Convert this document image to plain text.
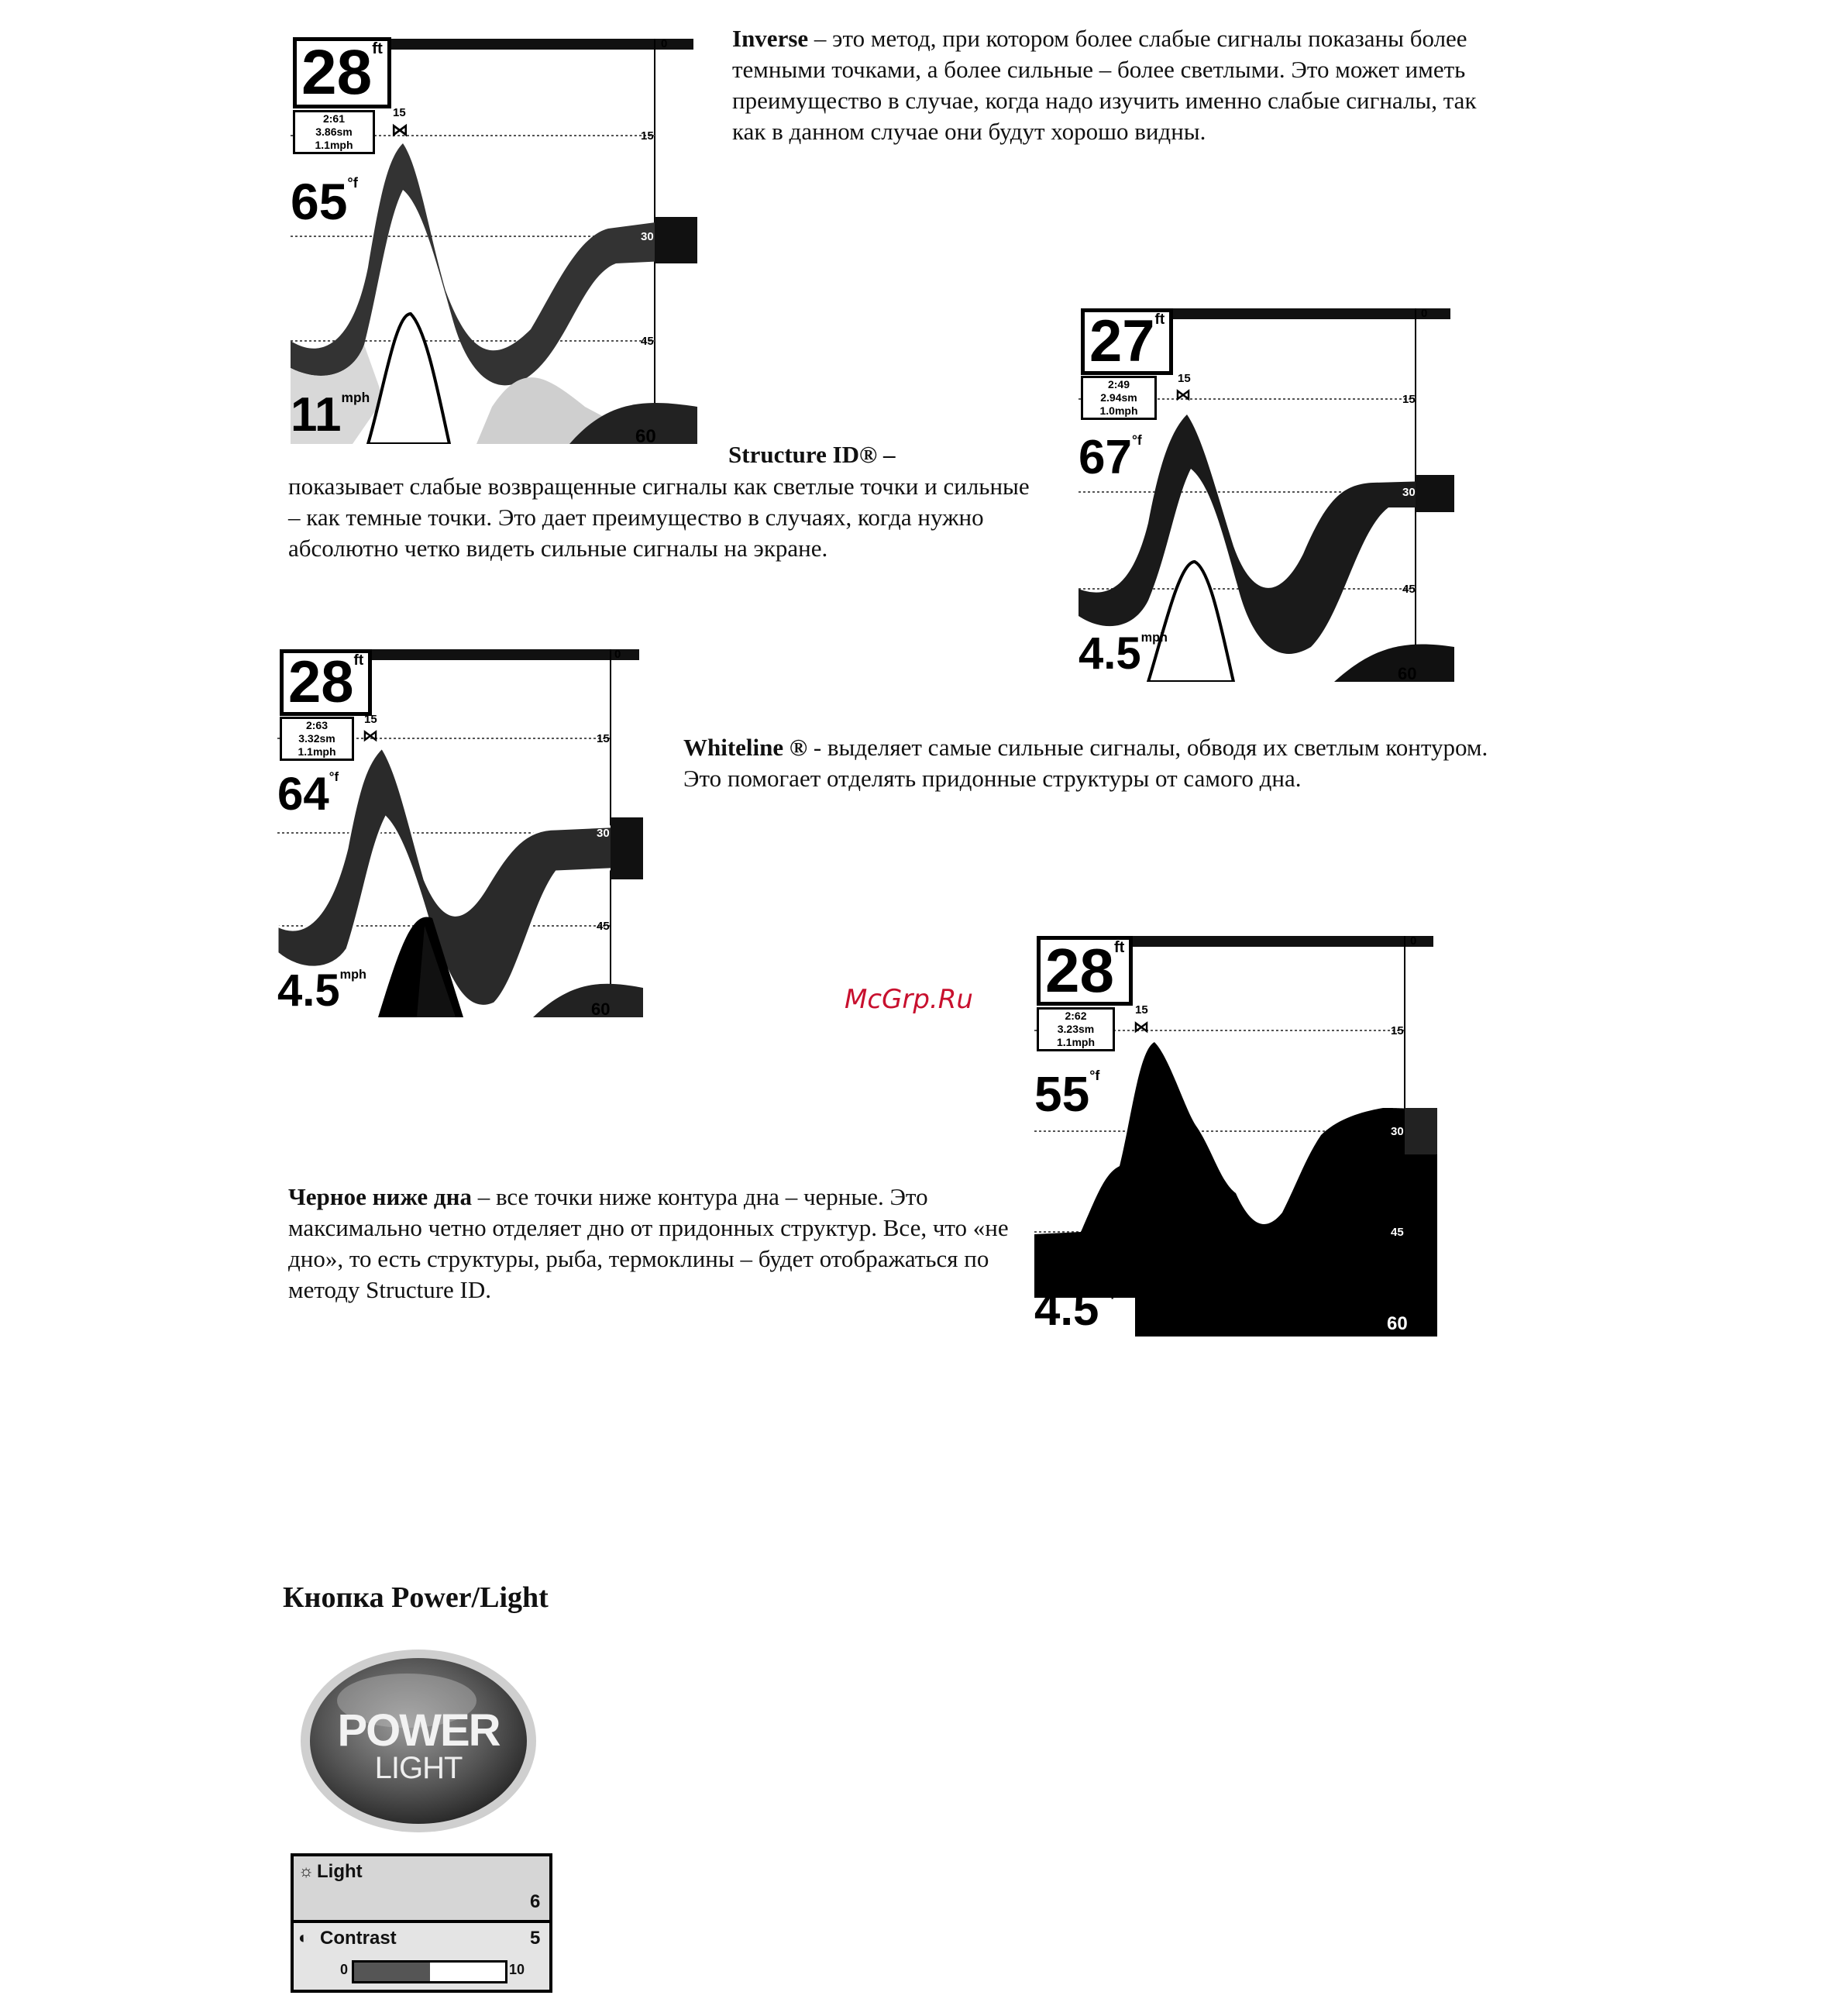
Inverse – это метод, при котором более слабые сигналы показаны более темными точками, а более сильные – более светлыми. Это может иметь преимущество в случае, когда надо изучить именно слабые сигналы, так как в данном случае они будут хорошо видны.
Structure ID® –
показывает слабые возвращенные сигналы как светлые точки и сильные – как темные точки. Это дает преимущество в случаях, когда нужно абсолютно четко видеть сильные сигналы на экране.
Whiteline ® - выделяет самые сильные сигналы, обводя их светлым контуром. Это помогает отделять придонные структуры от самого дна.
Черное ниже дна – все точки ниже контура дна – черные. Это максимально четно отделяет дно от придонных структур. Все, что «не дно», то есть структуры, рыба, термоклины – будет отображаться по методу Structure ID.
McGrp.Ru
$28^{ft}$
2:61
3.86sm
1.1mph
15
⋈
$65^{^\circ f}$
$11^{mph}$
0
15
30
45
60
$27^{ft}$
2:49
2.94sm
1.0mph
15
⋈
$67^{^\circ f}$
$4.5^{mph}$
0
15
30
45
60
$28^{ft}$
2:63
3.32sm
1.1mph
15
⋈
$64^{^\circ f}$
$4.5^{mph}$
0
15
30
45
60
$28^{ft}$
2:62
3.23sm
1.1mph
15
⋈
$55^{^\circ f}$
$4.5^{mph}$
0
15
30
45
60
Кнопка Power/Light
POWER
LIGHT
☼ Light
6
◐ Contrast	5
0	10
